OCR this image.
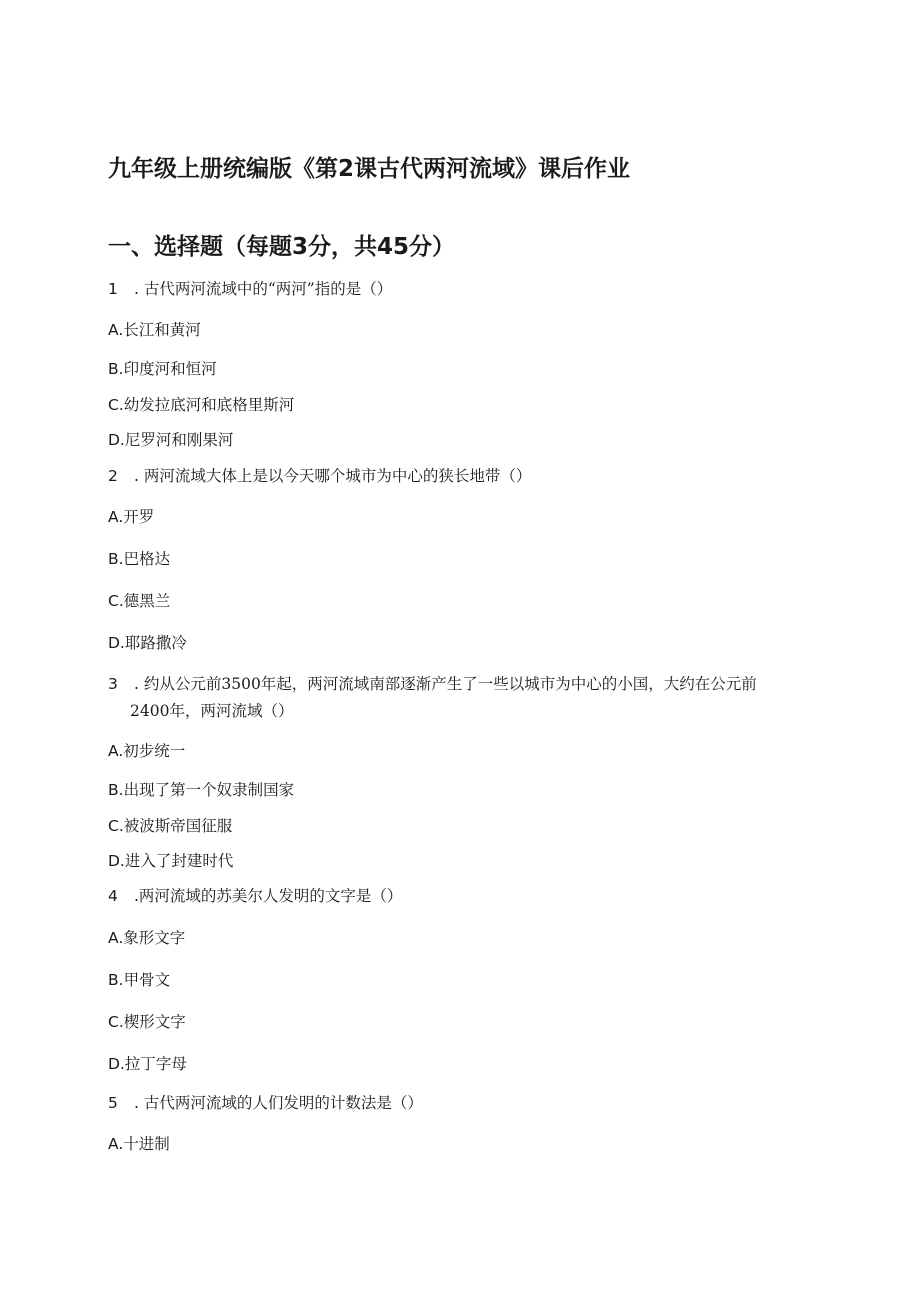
九年级上册统编版《第2课古代两河流域》课后作业
一、选择题（每题3分，共45分）
1 . 古代两河流域中的“两河”指的是（）
A.长江和黄河
B.印度河和恒河
C.幼发拉底河和底格里斯河
D.尼罗河和刚果河
2 . 两河流域大体上是以今天哪个城市为中心的狭长地带（）
A.开罗
B.巴格达
C.德黑兰
D.耶路撒冷
3 . 约从公元前3500年起，两河流域南部逐渐产生了一些以城市为中心的小国，大约在公元前
2400年，两河流域（）
A.初步统一
B.出现了第一个奴隶制国家
C.被波斯帝国征服
D.进入了封建时代
4 .两河流域的苏美尔人发明的文字是（）
A.象形文字
B.甲骨文
C.楔形文字
D.拉丁字母
5 . 古代两河流域的人们发明的计数法是（）
A.十进制
